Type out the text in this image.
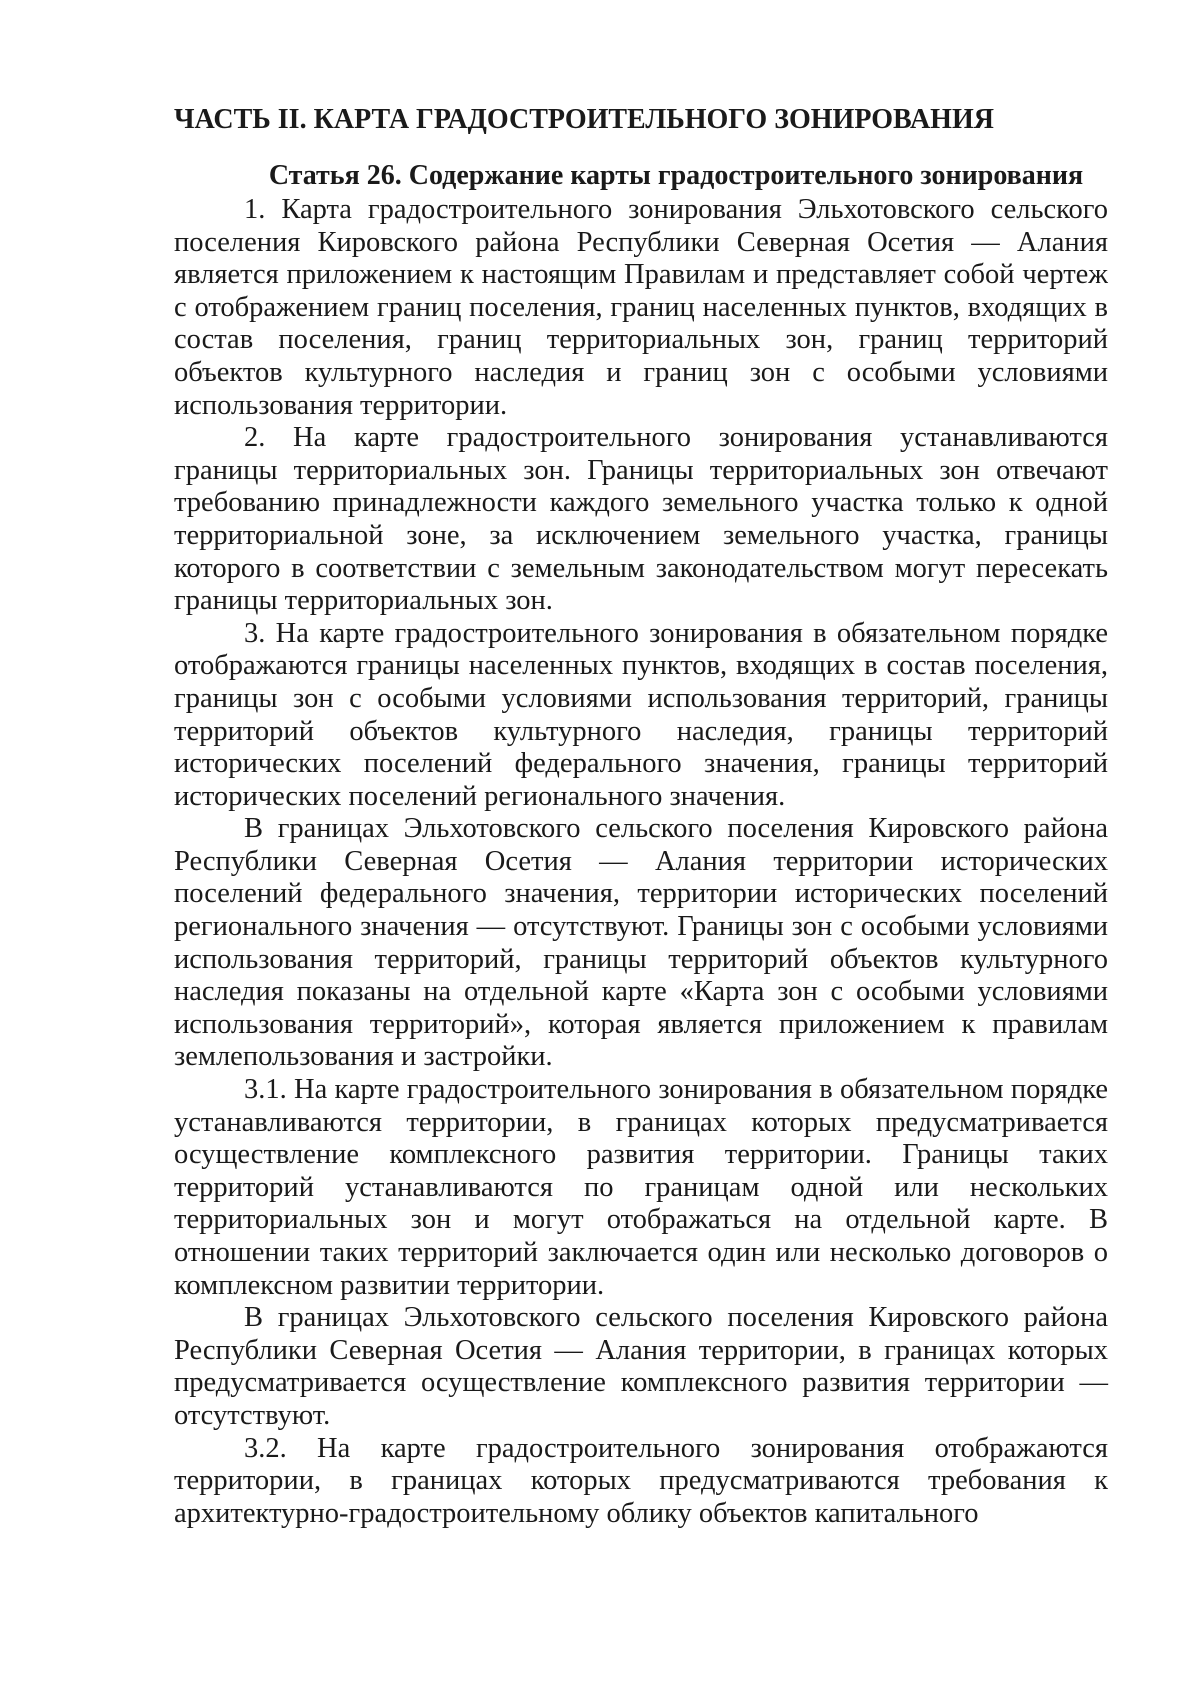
ЧАСТЬ II. КАРТА ГРАДОСТРОИТЕЛЬНОГО ЗОНИРОВАНИЯ
Статья 26. Содержание карты градостроительного зонирования

1. Карта градостроительного зонирования Эльхотовского сельского поселения Кировского района Республики Северная Осетия — Алания является приложением к настоящим Правилам и представляет собой чертеж с отображением границ поселения, границ населенных пунктов, входящих в состав поселения, границ территориальных зон, границ территорий объектов культурного наследия и границ зон с особыми условиями использования территории.

2. На карте градостроительного зонирования устанавливаются границы территориальных зон. Границы территориальных зон отвечают требованию принадлежности каждого земельного участка только к одной территориальной зоне, за исключением земельного участка, границы которого в соответствии с земельным законодательством могут пересекать границы территориальных зон.

3. На карте градостроительного зонирования в обязательном порядке отображаются границы населенных пунктов, входящих в состав поселения, границы зон с особыми условиями использования территорий, границы территорий объектов культурного наследия, границы территорий исторических поселений федерального значения, границы территорий исторических поселений регионального значения.

В границах Эльхотовского сельского поселения Кировского района Республики Северная Осетия — Алания территории исторических поселений федерального значения, территории исторических поселений регионального значения — отсутствуют. Границы зон с особыми условиями использования территорий, границы территорий объектов культурного наследия показаны на отдельной карте «Карта зон с особыми условиями использования территорий», которая является приложением к правилам землепользования и застройки.

3.1. На карте градостроительного зонирования в обязательном порядке устанавливаются территории, в границах которых предусматривается осуществление комплексного развития территории. Границы таких территорий устанавливаются по границам одной или нескольких территориальных зон и могут отображаться на отдельной карте. В отношении таких территорий заключается один или несколько договоров о комплексном развитии территории.

В границах Эльхотовского сельского поселения Кировского района Республики Северная Осетия — Алания территории, в границах которых предусматривается осуществление комплексного развития территории — отсутствуют.

3.2. На карте градостроительного зонирования отображаются территории, в границах которых предусматриваются требования к архитектурно-градостроительному облику объектов капитального
